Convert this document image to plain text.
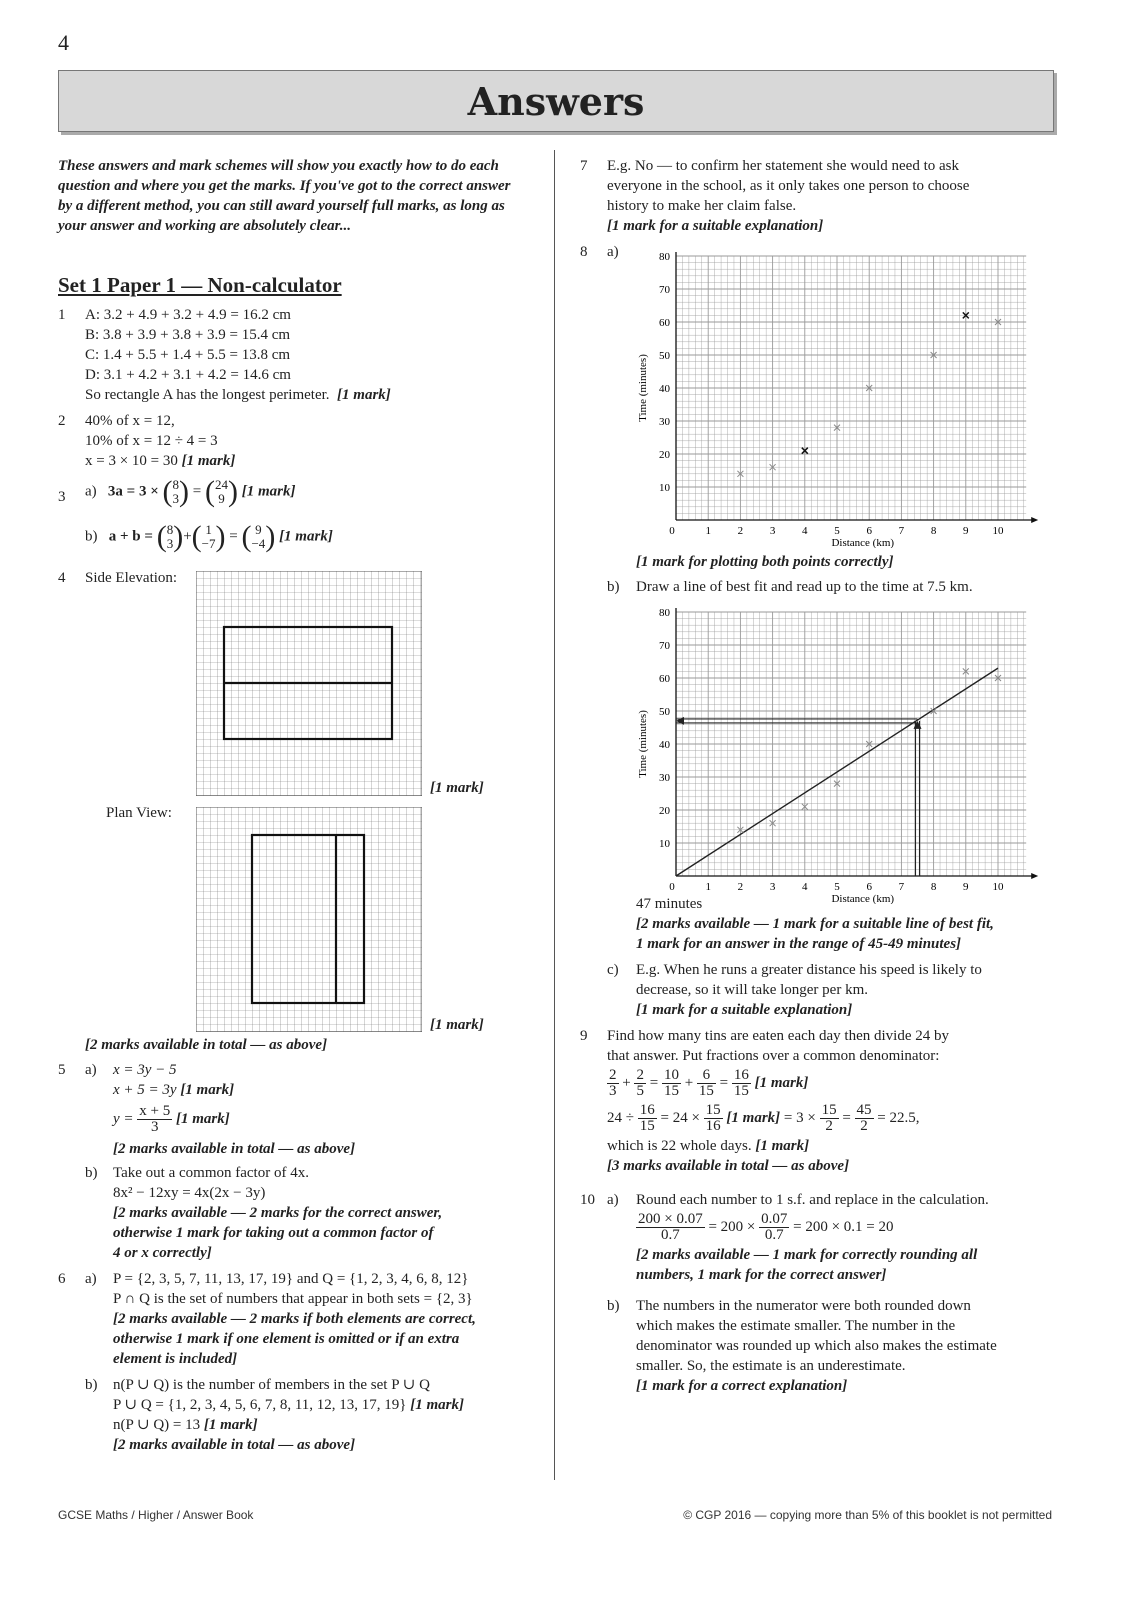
4
Answers
These answers and mark schemes will show you exactly how to do each question and where you get the marks. If you've got to the correct answer by a different method, you can still award yourself full marks, as long as your answer and working are absolutely clear...
Set 1 Paper 1 — Non-calculator
1 A: 3.2 + 4.9 + 3.2 + 4.9 = 16.2 cm
B: 3.8 + 3.9 + 3.8 + 3.9 = 15.4 cm
C: 1.4 + 5.5 + 1.4 + 5.5 = 13.8 cm
D: 3.1 + 4.2 + 3.1 + 4.2 = 14.6 cm
So rectangle A has the longest perimeter. [1 mark]
2 40% of x = 12,
10% of x = 12 ÷ 4 = 3
x = 3 × 10 = 30 [1 mark]
3 a) 3a = 3 × (8
3) = (24
9 ) [1 mark]
b) a + b = (8
3)+( 1
−7) = ( 9
−4) [1 mark]
4 Side Elevation:
[1 mark]
Plan View:
[1 mark]
[2 marks available in total — as above]
5 a) x = 3y − 5
x + 5 = 3y [1 mark]
$y = \frac{x + 5}{3} [1$ mark]
[2 marks available in total — as above]
b) Take out a common factor of 4x.
8x² − 12xy = 4x(2x − 3y)
[2 marks available — 2 marks for the correct answer,
otherwise 1 mark for taking out a common factor of
4 or x correctly]
6 a) P = {2, 3, 5, 7, 11, 13, 17, 19} and Q = {1, 2, 3, 4, 6, 8, 12}
P ∩ Q is the set of numbers that appear in both sets = {2, 3}
[2 marks available — 2 marks if both elements are correct,
otherwise 1 mark if one element is omitted or if an extra
element is included]
b) n(P ∪ Q) is the number of members in the set P ∪ Q
P ∪ Q = {1, 2, 3, 4, 5, 6, 7, 8, 11, 12, 13, 17, 19} [1 mark]
n(P ∪ Q) = 13 [1 mark]
[2 marks available in total — as above]
7 E.g. No — to confirm her statement she would need to ask
everyone in the school, as it only takes one person to choose
history to make her claim false.
[1 mark for a suitable explanation]
8 a)
0	1 2 3 4 5 6 7 8 9 10
10
20
30
40
50
60
70
80
Distance (km)
Time (minutes)
[1 mark for plotting both points correctly]
b) Draw a line of best fit and read up to the time at 7.5 km.
0	1 2 3 4 5 6 7 8 9 10
10
20
30
40
50
60
70
80
Distance (km)
Time (minutes)
47 minutes
[2 marks available — 1 mark for a suitable line of best fit,
1 mark for an answer in the range of 45-49 minutes]
c) E.g. When he runs a greater distance his speed is likely to
decrease, so it will take longer per km.
[1 mark for a suitable explanation]
9 Find how many tins are eaten each day then divide 24 by
that answer. Put fractions over a common denominator:
$\frac{2}{3} + \frac{2}{5} = \frac{10}{15} + \frac{6}{15} = \frac{16}{15} [1$ mark]
$24 \div \frac{16}{15} = 24 \times \frac{15}{16} [1$ mark] = $3 \times \frac{15}{2} = \frac{45}{2} = 22.5$,
which is 22 whole days. [1 mark]
[3 marks available in total — as above]
10 a) Round each number to 1 s.f. and replace in the calculation.
$\frac{200 \times 0.07}{0.7} = 200 \times \frac{0.07}{0.7} = 200 \times 0.1 = 20$
[2 marks available — 1 mark for correctly rounding all
numbers, 1 mark for the correct answer]
b) The numbers in the numerator were both rounded down
which makes the estimate smaller. The number in the
denominator was rounded up which also makes the estimate
smaller. So, the estimate is an underestimate.
[1 mark for a correct explanation]
GCSE Maths / Higher / Answer Book	© CGP 2016 — copying more than 5% of this booklet is not permitted
